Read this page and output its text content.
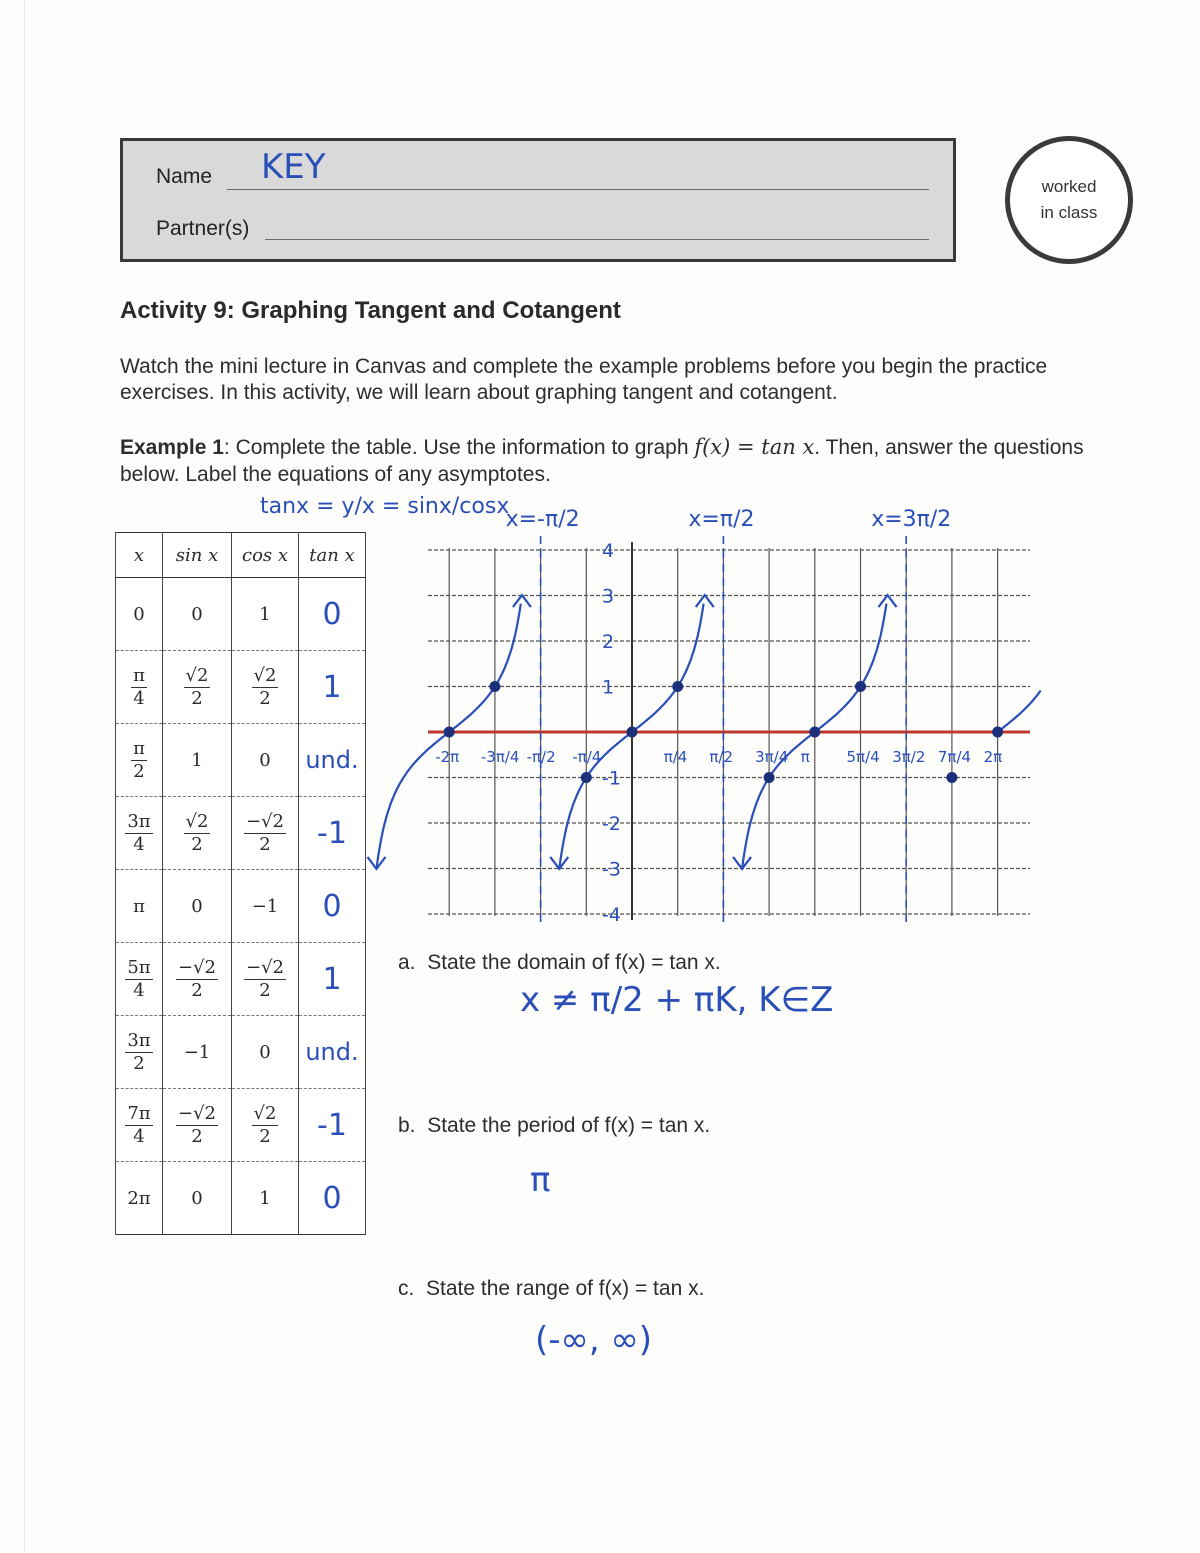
Name KEY
Partner(s)
worked
in class
Activity 9: Graphing Tangent and Cotangent
Watch the mini lecture in Canvas and complete the example problems before you begin the practice exercises. In this activity, we will learn about graphing tangent and cotangent.
Example 1: Complete the table. Use the information to graph f(x) = tan x. Then, answer the questions below. Label the equations of any asymptotes.
tanx = y/x = sinx/cosx
x	sin x	cos x	tan x
0	0	1	0

$\frac{\pi}{4}$	$\frac{√2}{2}$	$\frac{√2}{2}$	1

$\frac{\pi}{2}$	1	0	und.

$\frac{3\pi}{4}$	$\frac{√2}{2}$	$\frac{-√2}{2}$	-1
π	0	−1	0

$\frac{5\pi}{4}$	$\frac{-√2}{2}$	$\frac{-√2}{2}$	1

$\frac{3\pi}{2}$	−1	0	und.

$\frac{7\pi}{4}$	$\frac{-√2}{2}$	$\frac{√2}{2}$	-1
2π	0	1	0
x=-π/2	x=π/2	x=3π/2
4
3
2
1
-1
-2
-3
-4
-2π -3π/4 -π/2 -π/4	π/4 π/2 3π/4 π 5π/4 3π/2 7π/4 2π
a. State the domain of f(x) = tan x.
x ≠ π/2 + πK, K∈Z
b. State the period of f(x) = tan x.
π
c. State the range of f(x) = tan x.
(-∞, ∞)
